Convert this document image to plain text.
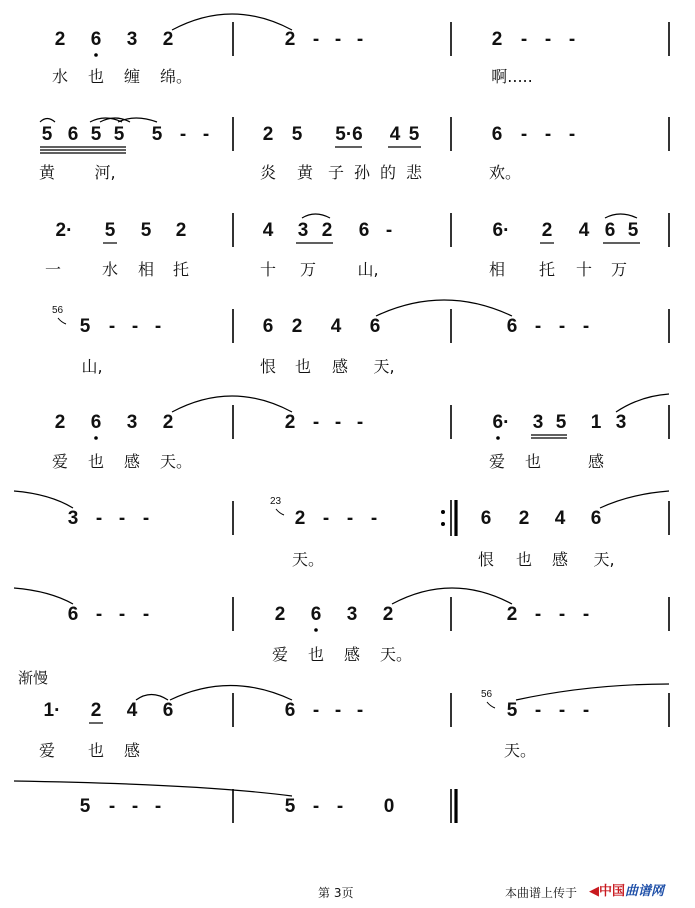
2 6 3 2	2 - - -	2 - - -
水 也 缠 绵。	啊.....
5 6 5 5 5 - -	2 5 5·6 4 5	6 - - -
黄 河,	炎 黄 子 孙 的 悲	欢。
2· 5 5 2	4 3 2 6 -	6· 2 4 6 5
一	水 相 托	十 万	山,	相 托 十 万
5 - - -	6 2 4 6	6 - - -
山,	恨 也 感 天,
2 6 3 2	2 - - -	6· 3 5 1 3
爱 也 感 天。	爱 也	感
3 - - -	2 - - -	6 2 4 6
天。	恨 也 感 天,
6 - - -	2 6 3 2	2 - - -
爱 也 感 天。
1· 2 4 6	6 - - -	5 - - -
爱 也 感	天。
5 - - -	5 - - 0
56
23
56
渐慢
第 3页	本曲谱上传于 ◀中国曲谱网
